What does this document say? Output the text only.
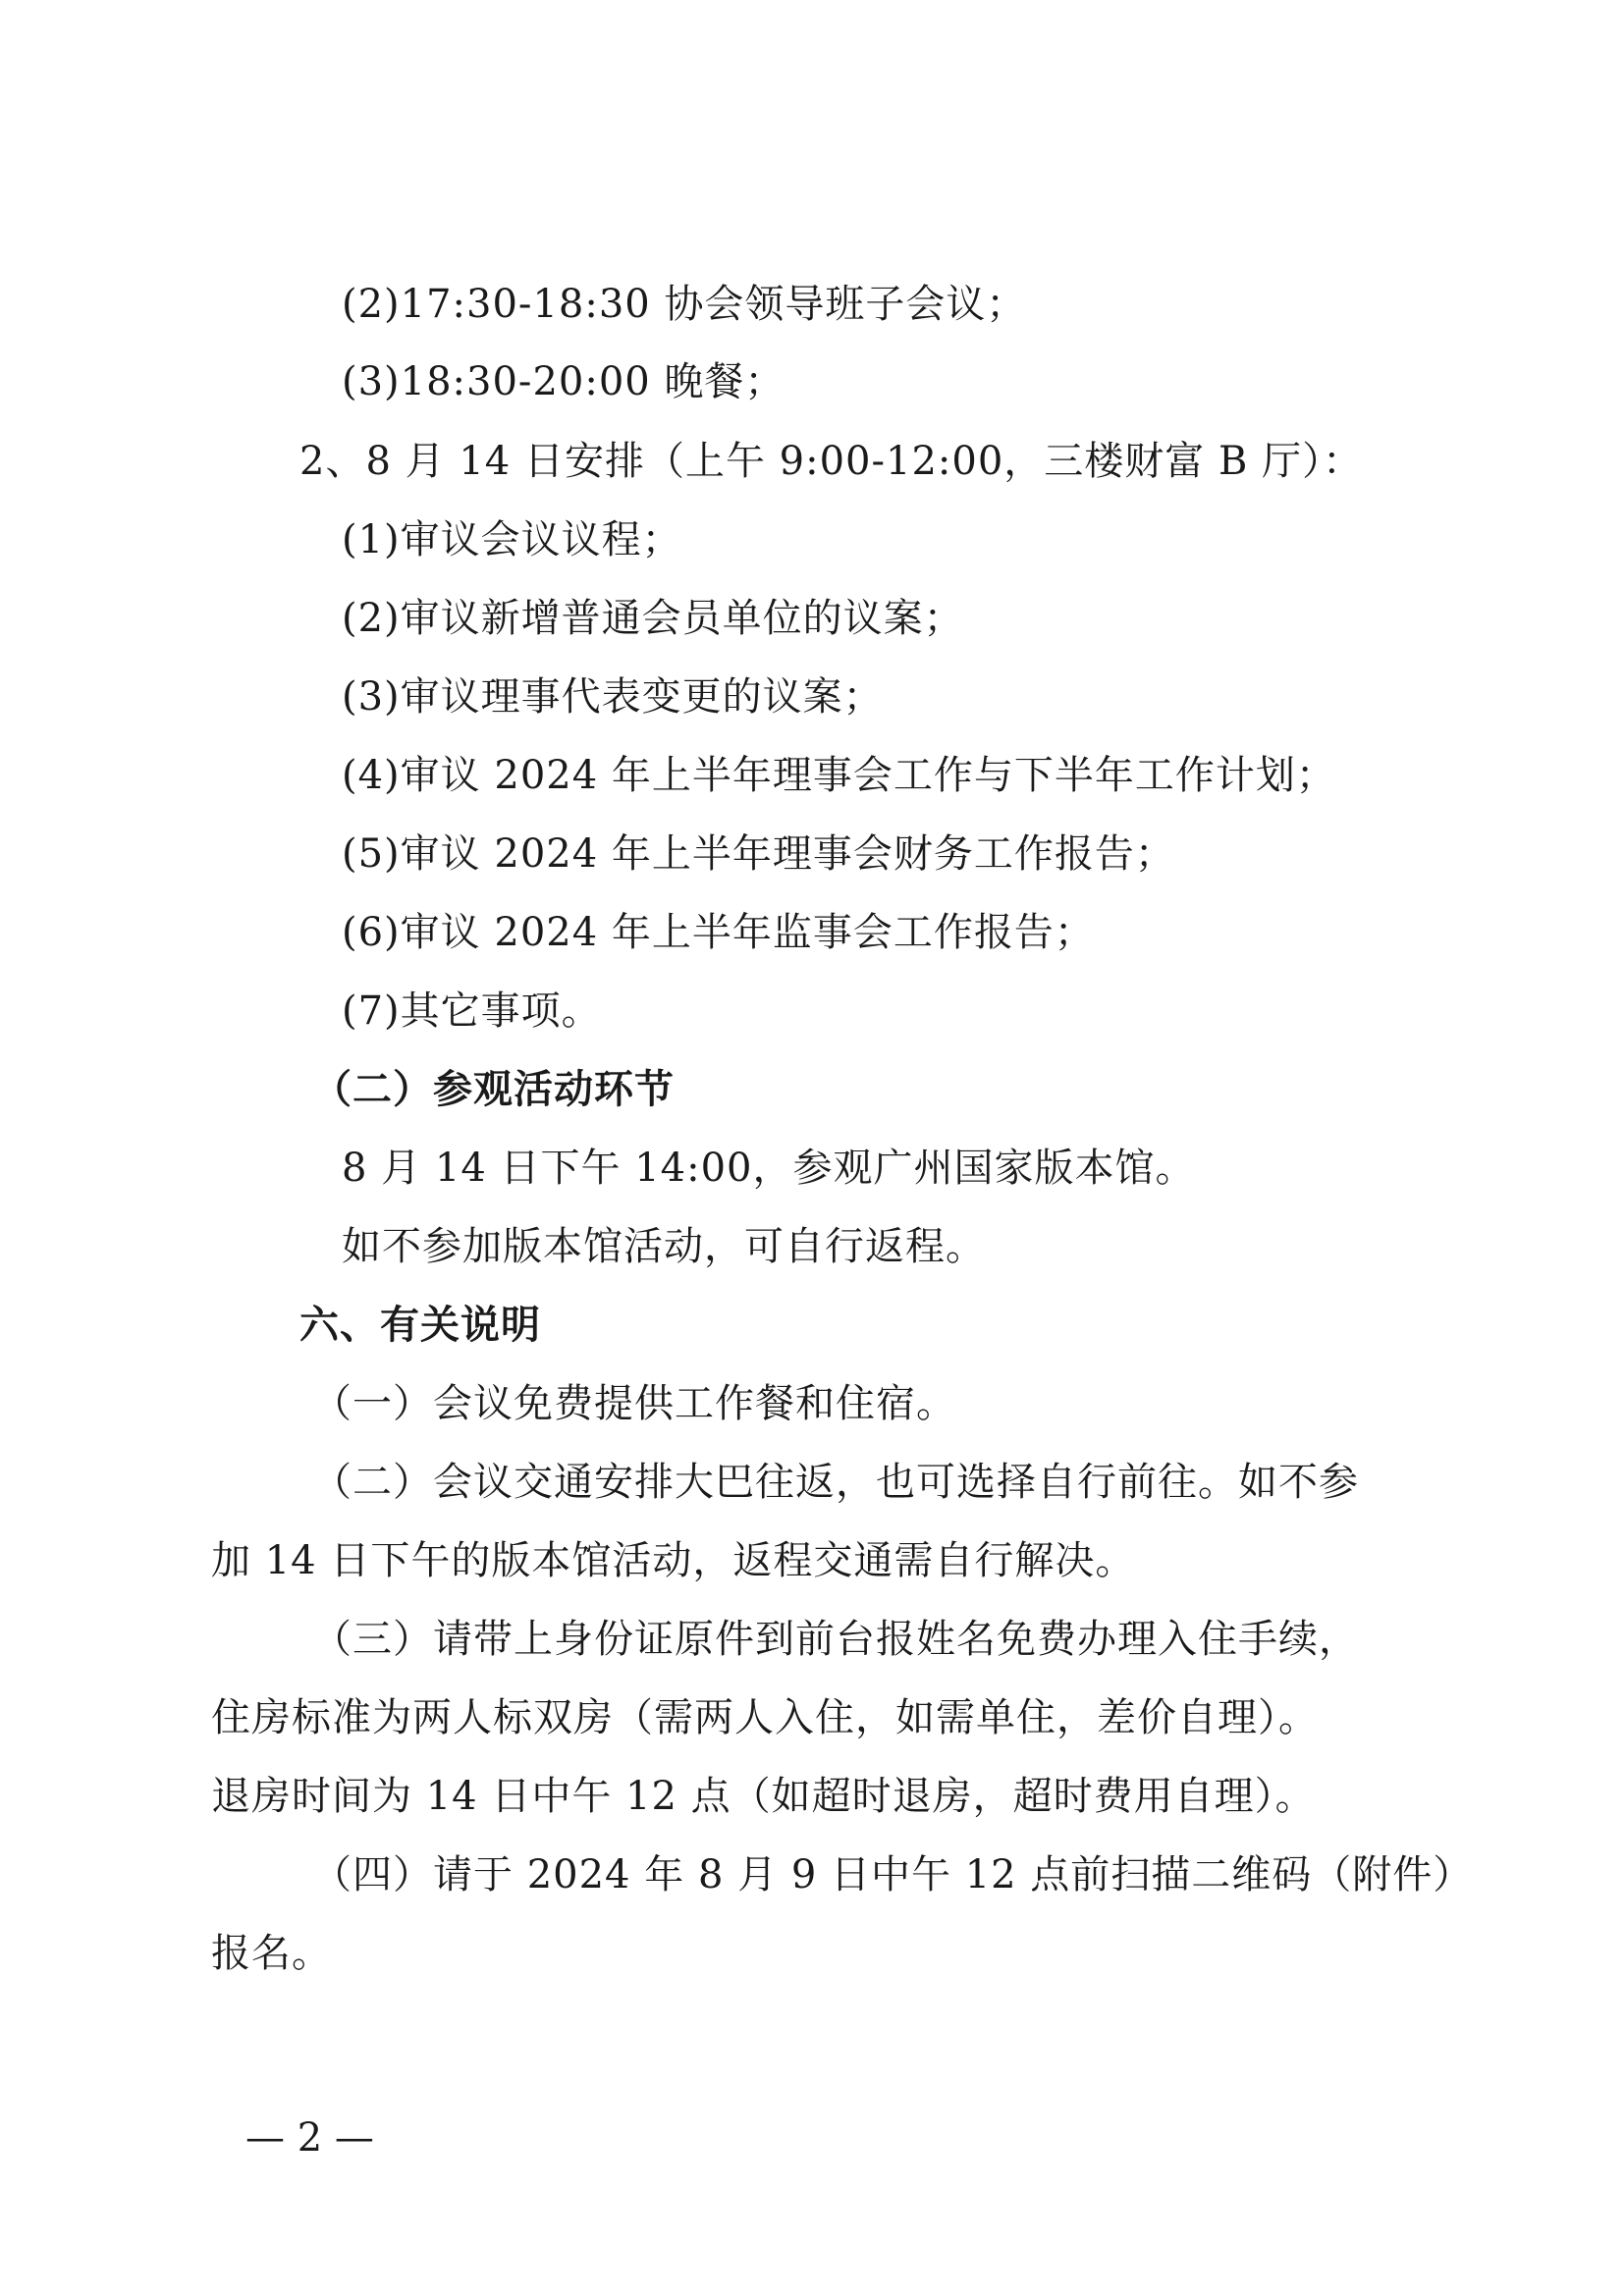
(2)17:30-18:30 协会领导班子会议；
(3)18:30-20:00 晚餐；
2、8 月 14 日安排（上午 9:00-12:00，三楼财富 B 厅）：
(1)审议会议议程；
(2)审议新增普通会员单位的议案；
(3)审议理事代表变更的议案；
(4)审议 2024 年上半年理事会工作与下半年工作计划；
(5)审议 2024 年上半年理事会财务工作报告；
(6)审议 2024 年上半年监事会工作报告；
(7)其它事项。
（二）参观活动环节
8 月 14 日下午 14:00，参观广州国家版本馆。
如不参加版本馆活动，可自行返程。
六、有关说明
（一）会议免费提供工作餐和住宿。
（二）会议交通安排大巴往返，也可选择自行前往。如不参
加 14 日下午的版本馆活动，返程交通需自行解决。
（三）请带上身份证原件到前台报姓名免费办理入住手续，
住房标准为两人标双房（需两人入住，如需单住，差价自理）。
退房时间为 14 日中午 12 点（如超时退房，超时费用自理）。
（四）请于 2024 年 8 月 9 日中午 12 点前扫描二维码（附件）
报名。
— 2 —
